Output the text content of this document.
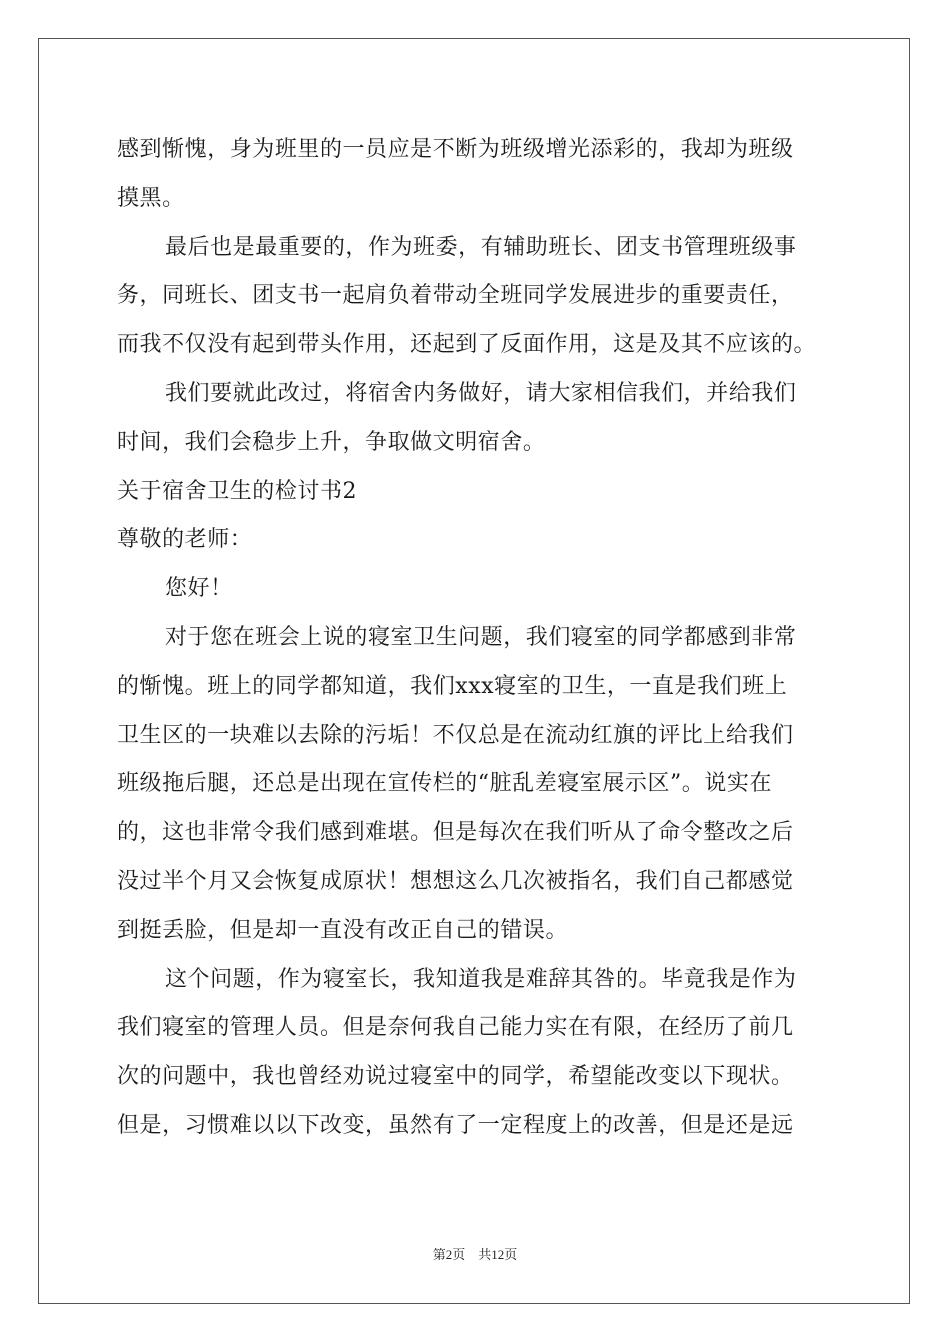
感到惭愧，身为班里的一员应是不断为班级增光添彩的，我却为班级
摸黑。
最后也是最重要的，作为班委，有辅助班长、团支书管理班级事
务，同班长、团支书一起肩负着带动全班同学发展进步的重要责任，
而我不仅没有起到带头作用，还起到了反面作用，这是及其不应该的。
我们要就此改过，将宿舍内务做好，请大家相信我们，并给我们
时间，我们会稳步上升，争取做文明宿舍。
关于宿舍卫生的检讨书2
尊敬的老师：
您好！
对于您在班会上说的寝室卫生问题，我们寝室的同学都感到非常
的惭愧。班上的同学都知道，我们xxx寝室的卫生，一直是我们班上
卫生区的一块难以去除的污垢！不仅总是在流动红旗的评比上给我们
班级拖后腿，还总是出现在宣传栏的“脏乱差寝室展示区”。说实在
的，这也非常令我们感到难堪。但是每次在我们听从了命令整改之后
没过半个月又会恢复成原状！想想这么几次被指名，我们自己都感觉
到挺丢脸，但是却一直没有改正自己的错误。
这个问题，作为寝室长，我知道我是难辞其咎的。毕竟我是作为
我们寝室的管理人员。但是奈何我自己能力实在有限，在经历了前几
次的问题中，我也曾经劝说过寝室中的同学，希望能改变以下现状。
但是，习惯难以以下改变，虽然有了一定程度上的改善，但是还是远
第2页　共12页
